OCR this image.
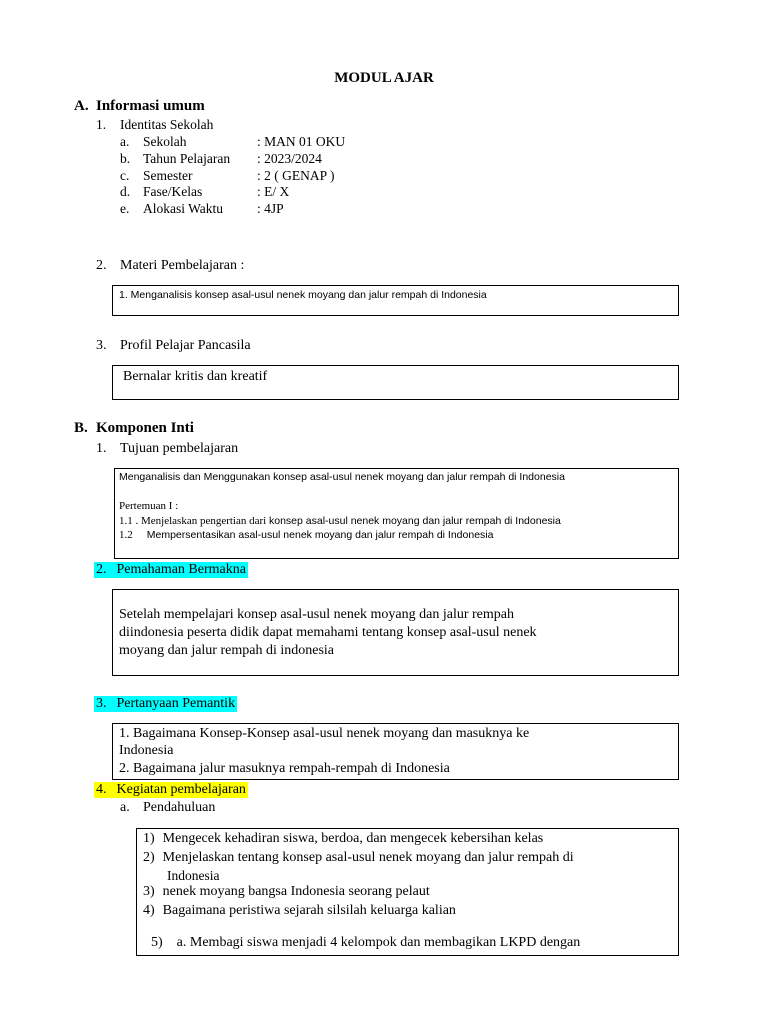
MODUL AJAR
A. Informasi umum
1. Identitas Sekolah
a. Sekolah	: MAN 01 OKU
b. Tahun Pelajaran : 2023/2024
c. Semester	: 2 ( GENAP )
d. Fase/Kelas	: E/ X
e. Alokasi Waktu	: 4JP
2. Materi Pembelajaran :
1. Menganalisis konsep asal-usul nenek moyang dan jalur rempah di Indonesia
3. Profil Pelajar Pancasila
Bernalar kritis dan kreatif
B. Komponen Inti
1. Tujuan pembelajaran
Menganalisis dan Menggunakan konsep asal-usul nenek moyang dan jalur rempah di Indonesia
Pertemuan I :
1.1 . Menjelaskan pengertian dari konsep asal-usul nenek moyang dan jalur rempah di Indonesia
1.2 Mempersentasikan asal-usul nenek moyang dan jalur rempah di Indonesia
2. Pemahaman Bermakna
Setelah mempelajari konsep asal-usul nenek moyang dan jalur rempah
diindonesia peserta didik dapat memahami tentang konsep asal-usul nenek
moyang dan jalur rempah di indonesia
3. Pertanyaan Pemantik
1. Bagaimana Konsep-Konsep asal-usul nenek moyang dan masuknya ke
Indonesia
2. Bagaimana jalur masuknya rempah-rempah di Indonesia
4. Kegiatan pembelajaran
a. Pendahuluan
1) Mengecek kehadiran siswa, berdoa, dan mengecek kebersihan kelas
2) Menjelaskan tentang konsep asal-usul nenek moyang dan jalur rempah di
Indonesia
3) nenek moyang bangsa Indonesia seorang pelaut
4) Bagaimana peristiwa sejarah silsilah keluarga kalian
5) a. Membagi siswa menjadi 4 kelompok dan membagikan LKPD dengan
